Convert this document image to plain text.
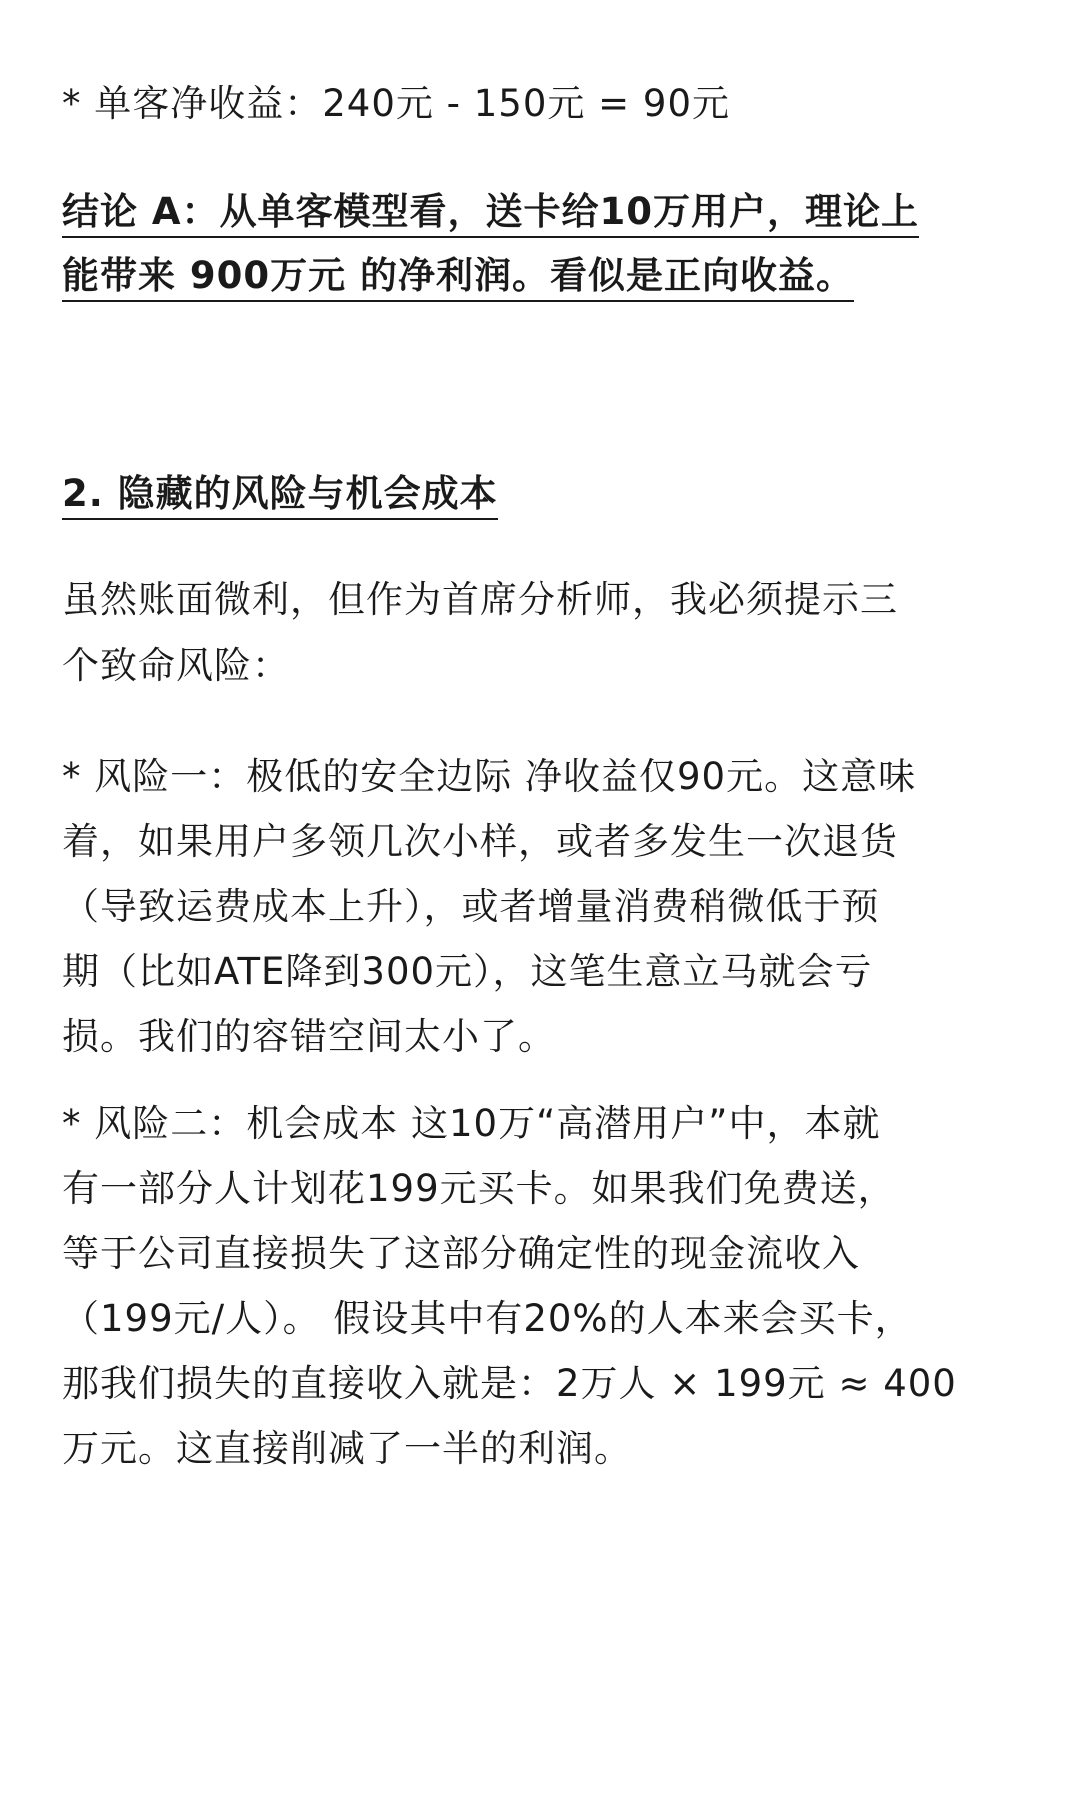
* 单客净收益：240元 - 150元 = 90元
结论 A：从单客模型看，送卡给10万用户，理论上
能带来 900万元 的净利润。看似是正向收益。
2. 隐藏的风险与机会成本
虽然账面微利，但作为首席分析师，我必须提示三
个致命风险：
* 风险一：极低的安全边际 净收益仅90元。这意味
着，如果用户多领几次小样，或者多发生一次退货
（导致运费成本上升），或者增量消费稍微低于预
期（比如ATE降到300元），这笔生意立马就会亏
损。我们的容错空间太小了。
* 风险二：机会成本 这10万“高潜用户”中，本就
有一部分人计划花199元买卡。如果我们免费送，
等于公司直接损失了这部分确定性的现金流收入
（199元/人）。 假设其中有20%的人本来会买卡，
那我们损失的直接收入就是：2万人 × 199元 ≈ 400
万元。这直接削减了一半的利润。
